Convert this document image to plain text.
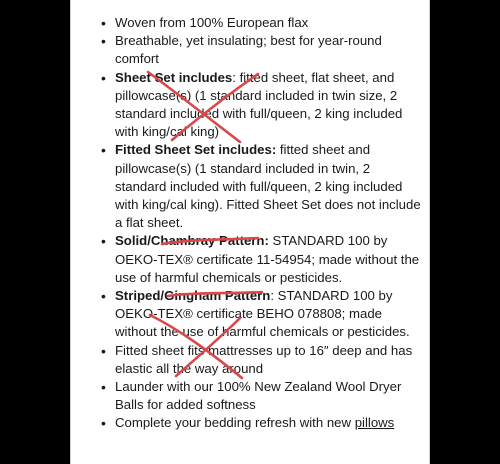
• Woven from 100% European flax
• Breathable, yet insulating; best for year-round comfort
• Sheet Set includes: fitted sheet, flat sheet, and pillowcase(s) (1 standard included in twin size, 2 standard included with full/queen, 2 king included with king/cal king)
• Fitted Sheet Set includes: fitted sheet and pillowcase(s) (1 standard included in twin, 2 standard included with full/queen, 2 king included with king/cal king). Fitted Sheet Set does not include a flat sheet.
• Solid/Chambray Pattern: STANDARD 100 by OEKO-TEX® certificate 11-54954; made without the use of harmful chemicals or pesticides.
• Striped/Gingham Pattern: STANDARD 100 by OEKO-TEX® certificate BEHO 078808; made without the use of harmful chemicals or pesticides.
• Fitted sheet fits mattresses up to 16″ deep and has elastic all the way around
• Launder with our 100% New Zealand Wool Dryer Balls for added softness
• Complete your bedding refresh with new pillows
